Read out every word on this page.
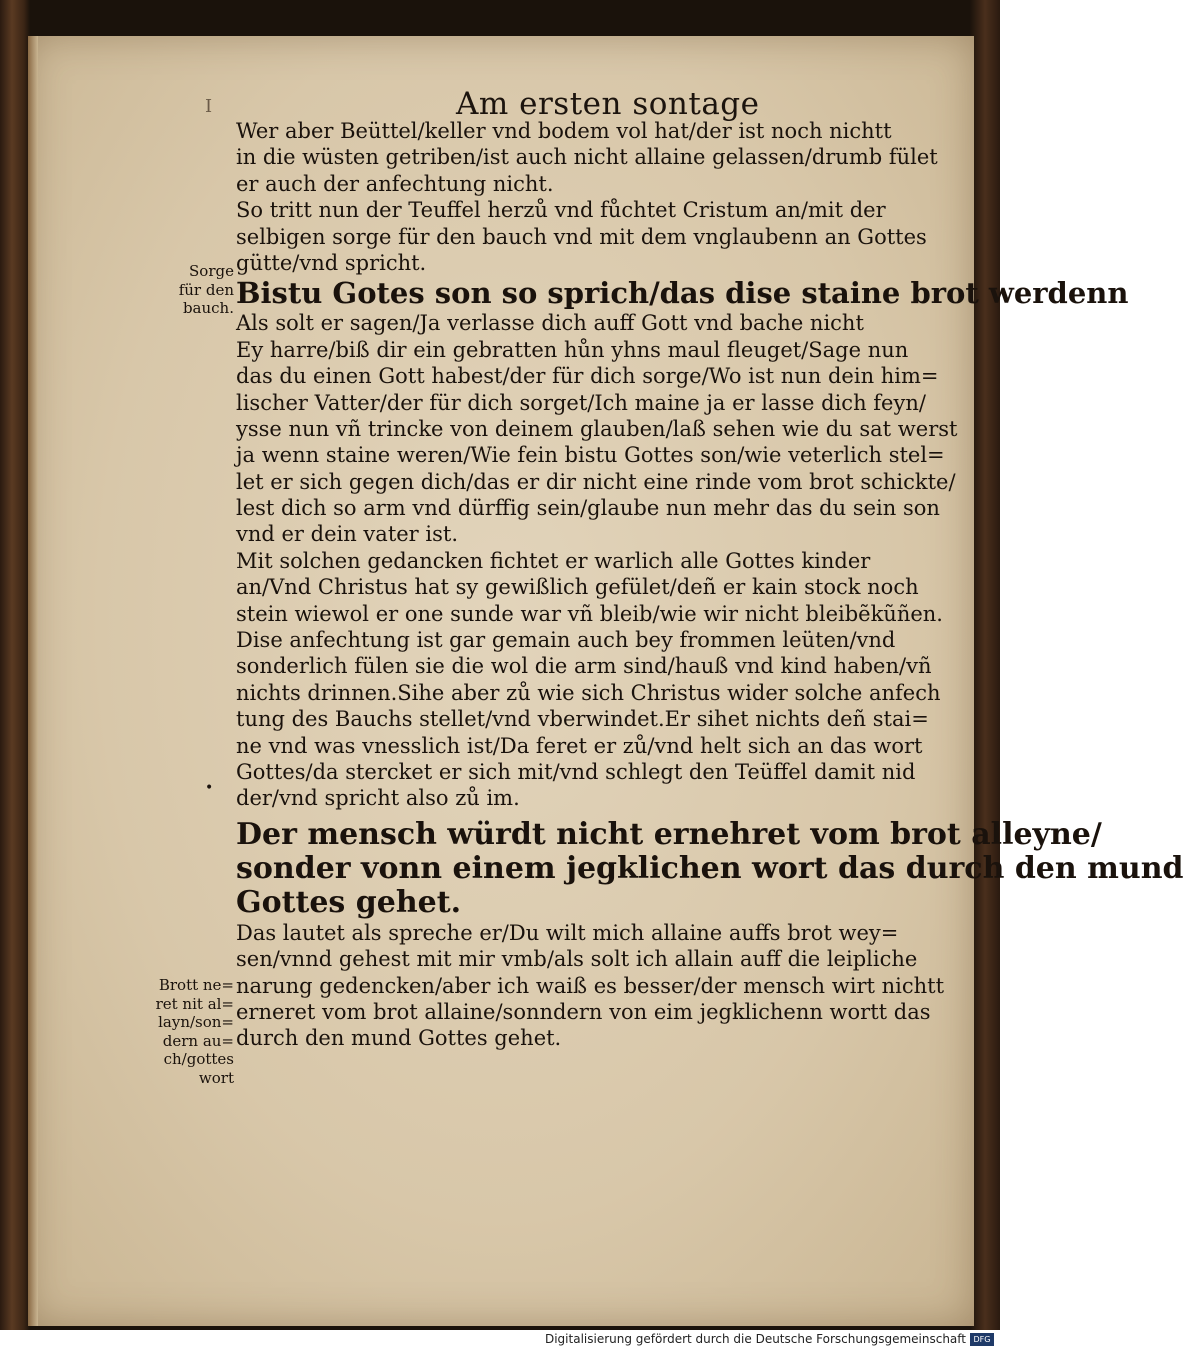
I	Am ersten sontage
Wer aber Beüttel/keller vnd bodem vol hat/der ist noch nichtt
in die wüsten getriben/ist auch nicht allaine gelassen/drumb fület
er auch der anfechtung nicht.
So tritt nun der Teuffel herzů vnd fůchtet Cristum an/mit der
selbigen sorge für den bauch vnd mit dem vnglaubenn an Gottes
gütte/vnd spricht.
Bistu Gotes son so sprich/das dise staine brot werdenn
Als solt er sagen/Ja verlasse dich auff Gott vnd bache nicht
Ey harre/biß dir ein gebratten hůn yhns maul fleuget/Sage nun
das du einen Gott habest/der für dich sorge/Wo ist nun dein him=
lischer Vatter/der für dich sorget/Ich maine ja er lasse dich feyn/
ysse nun vñ trincke von deinem glauben/laß sehen wie du sat werst
ja wenn staine weren/Wie fein bistu Gottes son/wie veterlich stel=
let er sich gegen dich/das er dir nicht eine rinde vom brot schickte/
lest dich so arm vnd dürffig sein/glaube nun mehr das du sein son
vnd er dein vater ist.
Mit solchen gedancken fichtet er warlich alle Gottes kinder
an/Vnd Christus hat sy gewißlich gefület/deñ er kain stock noch
stein wiewol er one sunde war vñ bleib/wie wir nicht bleibẽkũñen.
Dise anfechtung ist gar gemain auch bey frommen leüten/vnd
sonderlich fülen sie die wol die arm sind/hauß vnd kind haben/vñ
nichts drinnen.Sihe aber zů wie sich Christus wider solche anfech
tung des Bauchs stellet/vnd vberwindet.Er sihet nichts deñ stai=
ne vnd was vnesslich ist/Da feret er zů/vnd helt sich an das wort
Gottes/da stercket er sich mit/vnd schlegt den Teüffel damit nid
der/vnd spricht also zů im.
Der mensch würdt nicht ernehret vom brot alleyne/
sonder vonn einem jegklichen wort das durch den mund
Gottes gehet.
Das lautet als spreche er/Du wilt mich allaine auffs brot wey=
sen/vnnd gehest mit mir vmb/als solt ich allain auff die leipliche
narung gedencken/aber ich waiß es besser/der mensch wirt nichtt
erneret vom brot allaine/sonndern von eim jegklichenn wortt das
durch den mund Gottes gehet.
Sorge
für den
bauch.
•
Brott ne=
ret nit al=
layn/son=
dern au=
ch/gottes
wort
Digitalisierung gefördert durch die Deutsche Forschungsgemeinschaft DFG
